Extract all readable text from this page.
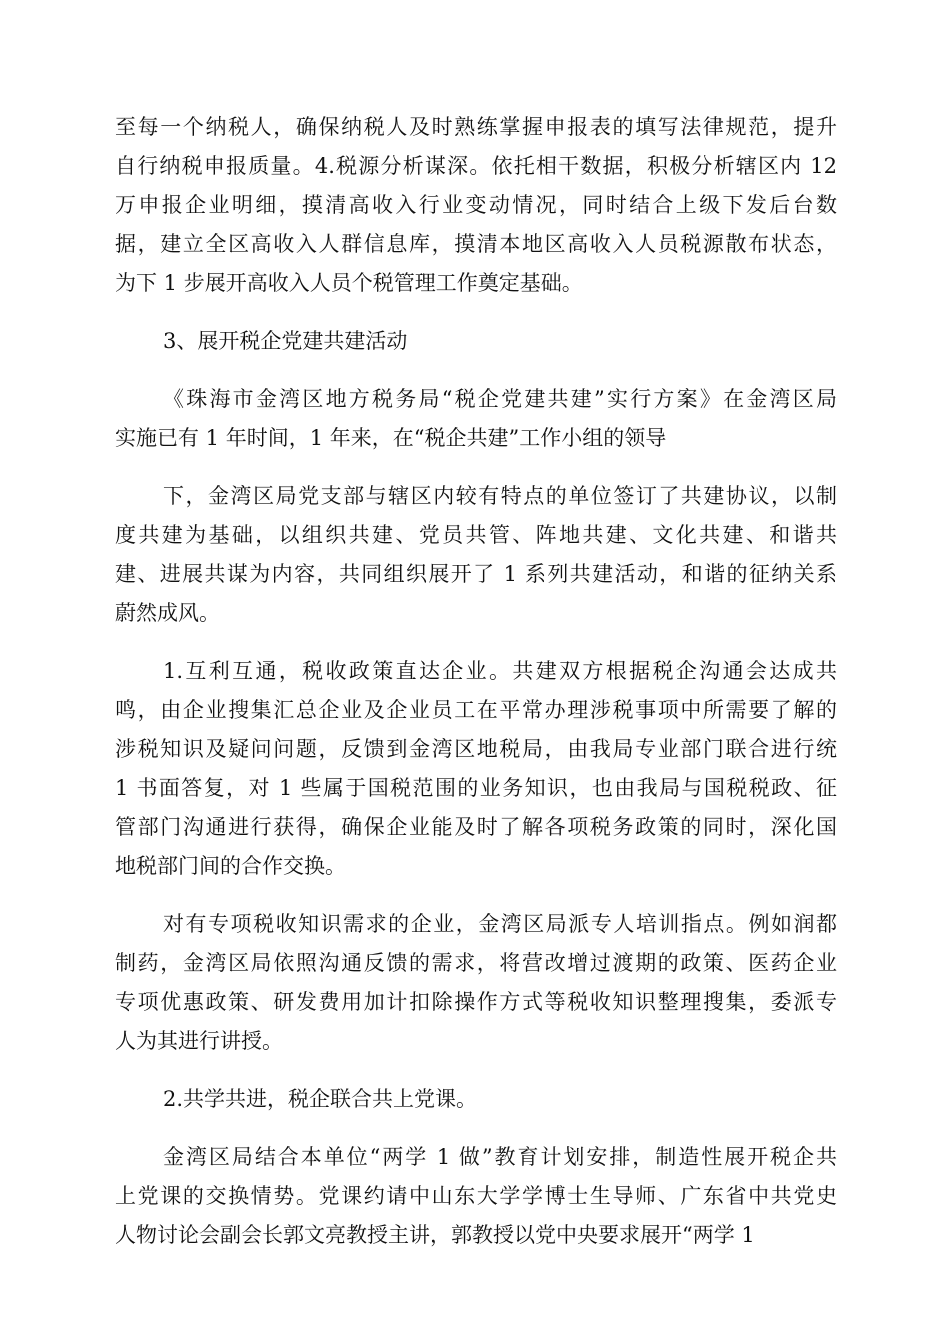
至每一个纳税人，确保纳税人及时熟练掌握申报表的填写法律规范，提升
自行纳税申报质量。4.税源分析谋深。依托相干数据，积极分析辖区内 12
万申报企业明细，摸清高收入行业变动情况，同时结合上级下发后台数
据，建立全区高收入人群信息库，摸清本地区高收入人员税源散布状态，
为下 1 步展开高收入人员个税管理工作奠定基础。
3、展开税企党建共建活动
《珠海市金湾区地方税务局“税企党建共建”实行方案》在金湾区局
实施已有 1 年时间，1 年来，在“税企共建”工作小组的领导
下，金湾区局党支部与辖区内较有特点的单位签订了共建协议，以制
度共建为基础，以组织共建、党员共管、阵地共建、文化共建、和谐共
建、进展共谋为内容，共同组织展开了 1 系列共建活动，和谐的征纳关系
蔚然成风。
1.互利互通，税收政策直达企业。共建双方根据税企沟通会达成共
鸣，由企业搜集汇总企业及企业员工在平常办理涉税事项中所需要了解的
涉税知识及疑问问题，反馈到金湾区地税局，由我局专业部门联合进行统
1 书面答复，对 1 些属于国税范围的业务知识，也由我局与国税税政、征
管部门沟通进行获得，确保企业能及时了解各项税务政策的同时，深化国
地税部门间的合作交换。
对有专项税收知识需求的企业，金湾区局派专人培训指点。例如润都
制药，金湾区局依照沟通反馈的需求，将营改增过渡期的政策、医药企业
专项优惠政策、研发费用加计扣除操作方式等税收知识整理搜集，委派专
人为其进行讲授。
2.共学共进，税企联合共上党课。
金湾区局结合本单位“两学 1 做”教育计划安排，制造性展开税企共
上党课的交换情势。党课约请中山东大学学博士生导师、广东省中共党史
人物讨论会副会长郭文亮教授主讲，郭教授以党中央要求展开“两学 1
